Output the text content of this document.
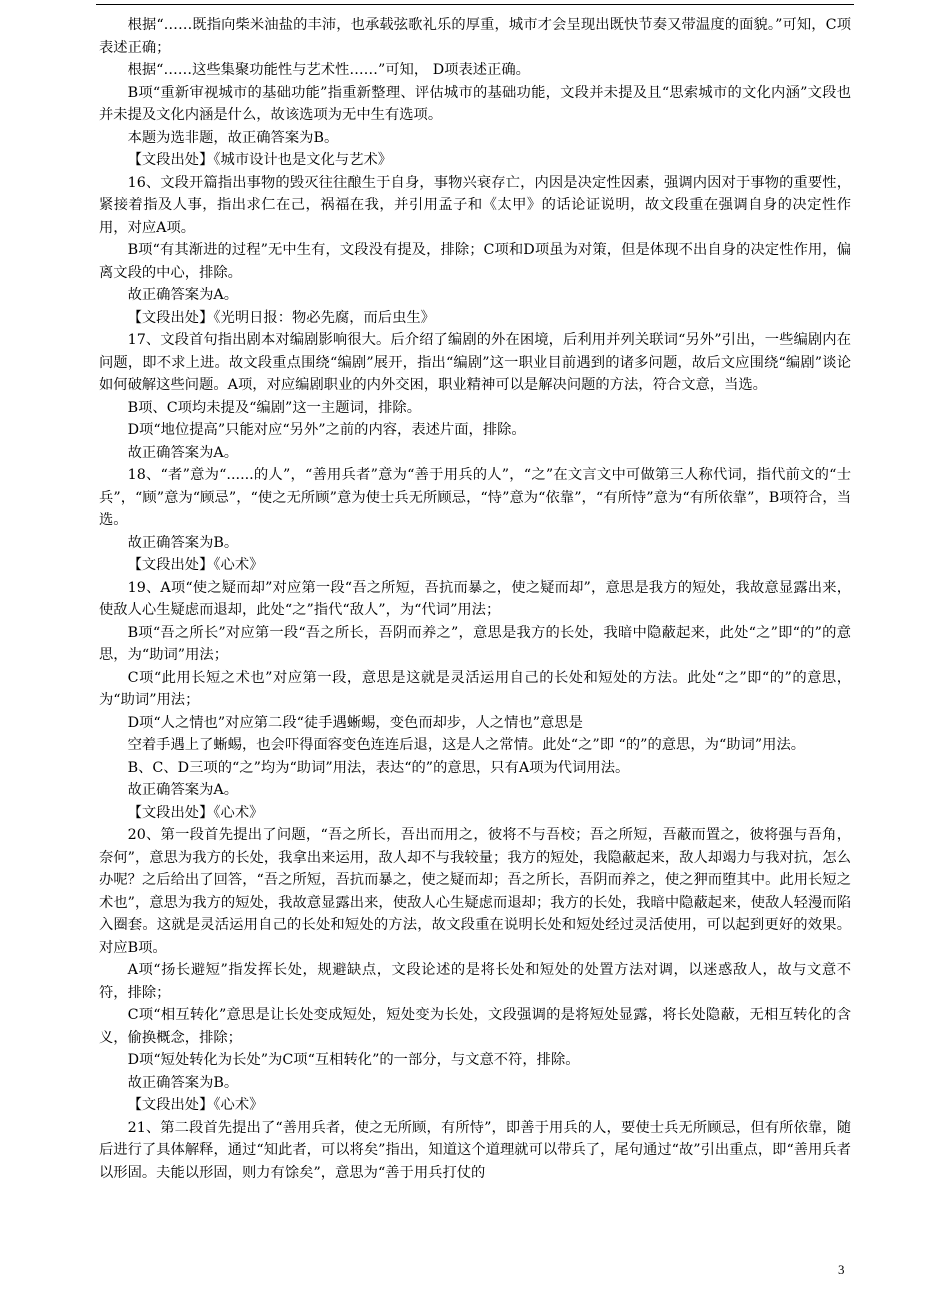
根据“……既指向柴米油盐的丰沛，也承载弦歌礼乐的厚重，城市才会呈现出既快节奏又带温度的面貌。”可知，C项表述正确；

根据“……这些集聚功能性与艺术性……”可知， D项表述正确。

B项“重新审视城市的基础功能”指重新整理、评估城市的基础功能，文段并未提及且“思索城市的文化内涵”文段也并未提及文化内涵是什么，故该选项为无中生有选项。

本题为选非题，故正确答案为B。

【文段出处】《城市设计也是文化与艺术》

16、文段开篇指出事物的毁灭往往酿生于自身，事物兴衰存亡，内因是决定性因素，强调内因对于事物的重要性，紧接着指及人事，指出求仁在己，祸福在我，并引用孟子和《太甲》的话论证说明，故文段重在强调自身的决定性作用，对应A项。

B项“有其渐进的过程”无中生有，文段没有提及，排除；C项和D项虽为对策，但是体现不出自身的决定性作用，偏离文段的中心，排除。

故正确答案为A。

【文段出处】《光明日报：物必先腐，而后虫生》

17、文段首句指出剧本对编剧影响很大。后介绍了编剧的外在困境，后利用并列关联词“另外”引出，一些编剧内在问题，即不求上进。故文段重点围绕“编剧”展开，指出“编剧”这一职业目前遇到的诸多问题，故后文应围绕“编剧”谈论如何破解这些问题。A项，对应编剧职业的内外交困，职业精神可以是解决问题的方法，符合文意，当选。

B项、C项均未提及“编剧”这一主题词，排除。

D项“地位提高”只能对应“另外”之前的内容，表述片面，排除。

故正确答案为A。

18、“者”意为“......的人”，“善用兵者”意为“善于用兵的人”，“之”在文言文中可做第三人称代词，指代前文的“士兵”，“顾”意为“顾忌”，“使之无所顾”意为使士兵无所顾忌，“恃”意为“依靠”，“有所恃”意为“有所依靠”，B项符合，当选。

故正确答案为B。

【文段出处】《心术》

19、A项“使之疑而却”对应第一段“吾之所短，吾抗而暴之，使之疑而却”，意思是我方的短处，我故意显露出来，使敌人心生疑虑而退却，此处“之”指代“敌人”，为“代词”用法；

B项“吾之所长”对应第一段“吾之所长，吾阴而养之”，意思是我方的长处，我暗中隐蔽起来，此处“之”即“的”的意思，为“助词”用法；

C项“此用长短之术也”对应第一段，意思是这就是灵活运用自己的长处和短处的方法。此处“之”即“的”的意思，为“助词”用法；

D项“人之情也”对应第二段“徒手遇蜥蜴，变色而却步，人之情也”意思是

空着手遇上了蜥蜴，也会吓得面容变色连连后退，这是人之常情。此处“之”即 “的”的意思，为“助词”用法。

B、C、D三项的“之”均为“助词”用法，表达“的”的意思，只有A项为代词用法。

故正确答案为A。

【文段出处】《心术》

20、第一段首先提出了问题，“吾之所长，吾出而用之，彼将不与吾校；吾之所短，吾蔽而置之，彼将强与吾角，奈何”，意思为我方的长处，我拿出来运用，敌人却不与我较量；我方的短处，我隐蔽起来，敌人却竭力与我对抗，怎么办呢？之后给出了回答，“吾之所短，吾抗而暴之，使之疑而却；吾之所长，吾阴而养之，使之狎而堕其中。此用长短之术也”，意思为我方的短处，我故意显露出来，使敌人心生疑虑而退却；我方的长处，我暗中隐蔽起来，使敌人轻漫而陷入圈套。这就是灵活运用自己的长处和短处的方法，故文段重在说明长处和短处经过灵活使用，可以起到更好的效果。对应B项。

A项“扬长避短”指发挥长处，规避缺点，文段论述的是将长处和短处的处置方法对调，以迷惑敌人，故与文意不符，排除；

C项“相互转化”意思是让长处变成短处，短处变为长处，文段强调的是将短处显露，将长处隐蔽，无相互转化的含义，偷换概念，排除；

D项“短处转化为长处”为C项“互相转化”的一部分，与文意不符，排除。

故正确答案为B。

【文段出处】《心术》

21、第二段首先提出了“善用兵者，使之无所顾，有所恃”，即善于用兵的人，要使士兵无所顾忌，但有所依靠，随后进行了具体解释，通过“知此者，可以将矣”指出，知道这个道理就可以带兵了，尾句通过“故”引出重点，即“善用兵者以形固。夫能以形固，则力有馀矣”，意思为“善于用兵打仗的

3
